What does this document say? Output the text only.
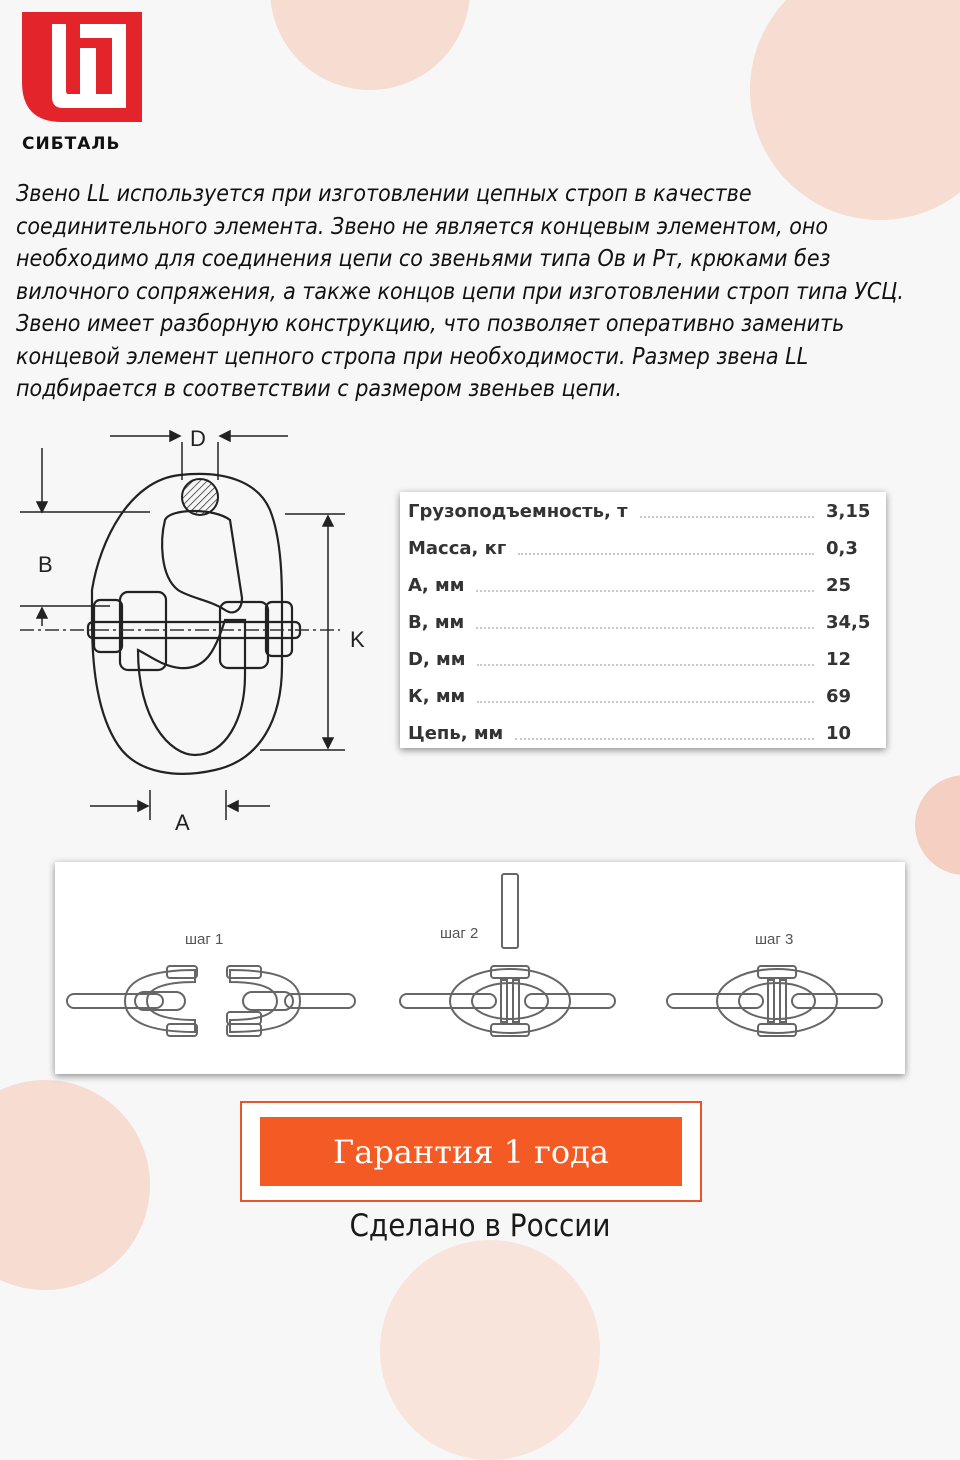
СИБТАЛЬ

Звено LL используется при изготовлении цепных строп в качестве соединительного элемента. Звено не является концевым элементом, оно необходимо для соединения цепи со звеньями типа Ов и Рт, крюками без вилочного сопряжения, а также концов цепи при изготовлении строп типа УСЦ. Звено имеет разборную конструкцию, что позволяет оперативно заменить концевой элемент цепного стропа при необходимости. Размер звена LL подбирается в соответствии с размером звеньев цепи.

D
B
K
A
Грузоподъемность, т	3,15
Масса, кг	0,3
А, мм	25
В, мм	34,5
D, мм	12
К, мм	69
Цепь, мм	10
шаг 1	шаг 2	шаг 3
Гарантия 1 года
Сделано в России
